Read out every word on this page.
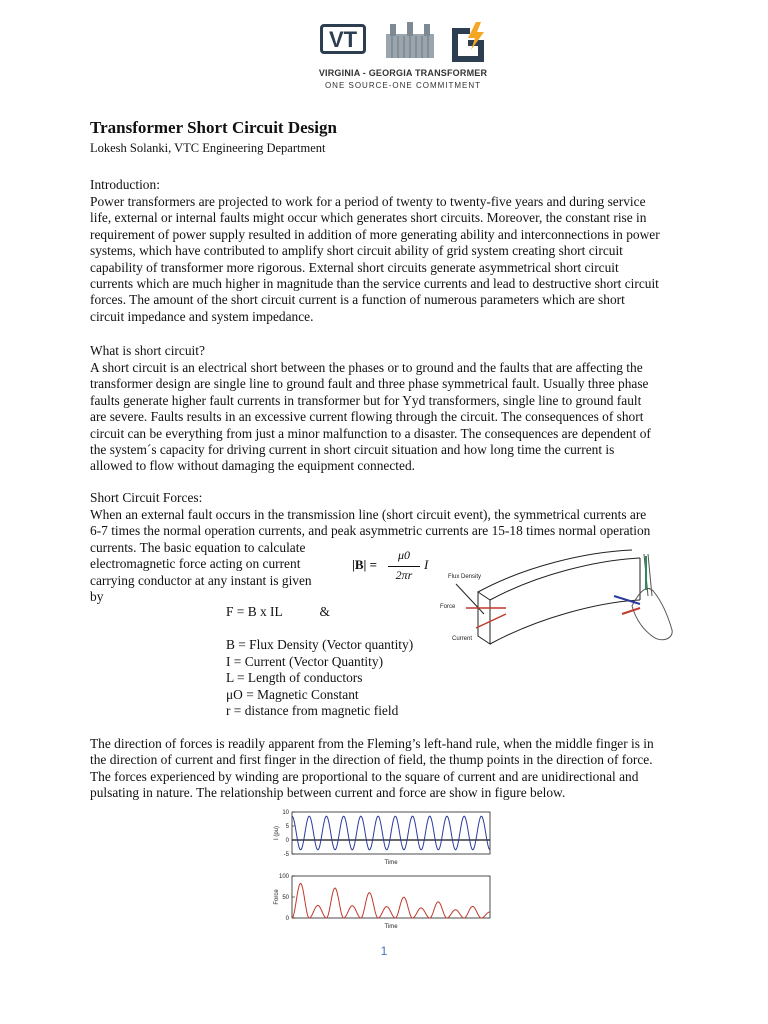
VT
VIRGINIA - GEORGIA TRANSFORMER
ONE SOURCE-ONE COMMITMENT
Transformer Short Circuit Design
Lokesh Solanki, VTC Engineering Department
Introduction:
Power transformers are projected to work for a period of twenty to twenty-five years and during service
life, external or internal faults might occur which generates short circuits. Moreover, the constant rise in
requirement of power supply resulted in addition of more generating ability and interconnections in power
systems, which have contributed to amplify short circuit ability of grid system creating short circuit
capability of transformer more rigorous. External short circuits generate asymmetrical short circuit
currents which are much higher in magnitude than the service currents and lead to destructive short circuit
forces. The amount of the short circuit current is a function of numerous parameters which are short
circuit impedance and system impedance.
What is short circuit?
A short circuit is an electrical short between the phases or to ground and the faults that are affecting the
transformer design are single line to ground fault and three phase symmetrical fault. Usually three phase
faults generate higher fault currents in transformer but for Yyd transformers, single line to ground fault
are severe. Faults results in an excessive current flowing through the circuit. The consequences of short
circuit can be everything from just a minor malfunction to a disaster. The consequences are dependent of
the system´s capacity for driving current in short circuit situation and how long time the current is
allowed to flow without damaging the equipment connected.
Short Circuit Forces:
When an external fault occurs in the transmission line (short circuit event), the symmetrical currents are
6-7 times the normal operation currents, and peak asymmetric currents are 15-18 times normal operation
currents. The basic equation to calculate
electromagnetic force acting on current
carrying conductor at any instant is given
by
|B| =
μ0
2πr
I
Flux Density
Force
Current
F = B x IL	&
B = Flux Density (Vector quantity)
I = Current (Vector Quantity)
L = Length of conductors
μO = Magnetic Constant
r = distance from magnetic field
The direction of forces is readily apparent from the Fleming’s left-hand rule, when the middle finger is in
the direction of current and first finger in the direction of field, the thump points in the direction of force.
The forces experienced by winding are proportional to the square of current and are unidirectional and
pulsating in nature. The relationship between current and force are show in figure below.
10
5
0
-5
I (pu)
Time
100
50
0
Force
Time
1
